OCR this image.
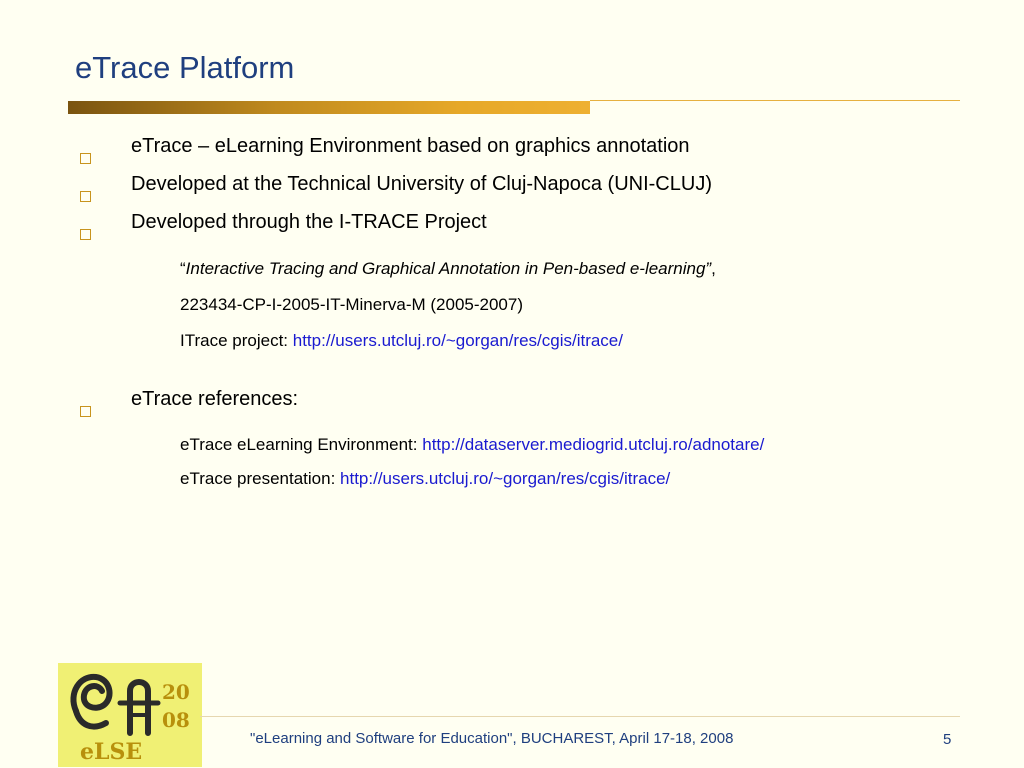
eTrace Platform
eTrace – eLearning Environment based on graphics annotation
Developed at the Technical University of Cluj-Napoca (UNI-CLUJ)
Developed through the I-TRACE Project
“Interactive Tracing and Graphical Annotation in Pen-based e-learning”,
223434-CP-I-2005-IT-Minerva-M (2005-2007)
ITrace project: http://users.utcluj.ro/~gorgan/res/cgis/itrace/
eTrace references:
eTrace eLearning Environment: http://dataserver.mediogrid.utcluj.ro/adnotare/
eTrace presentation: http://users.utcluj.ro/~gorgan/res/cgis/itrace/
20
08
eLSE
"eLearning and Software for Education", BUCHAREST, April 17-18, 2008	5
